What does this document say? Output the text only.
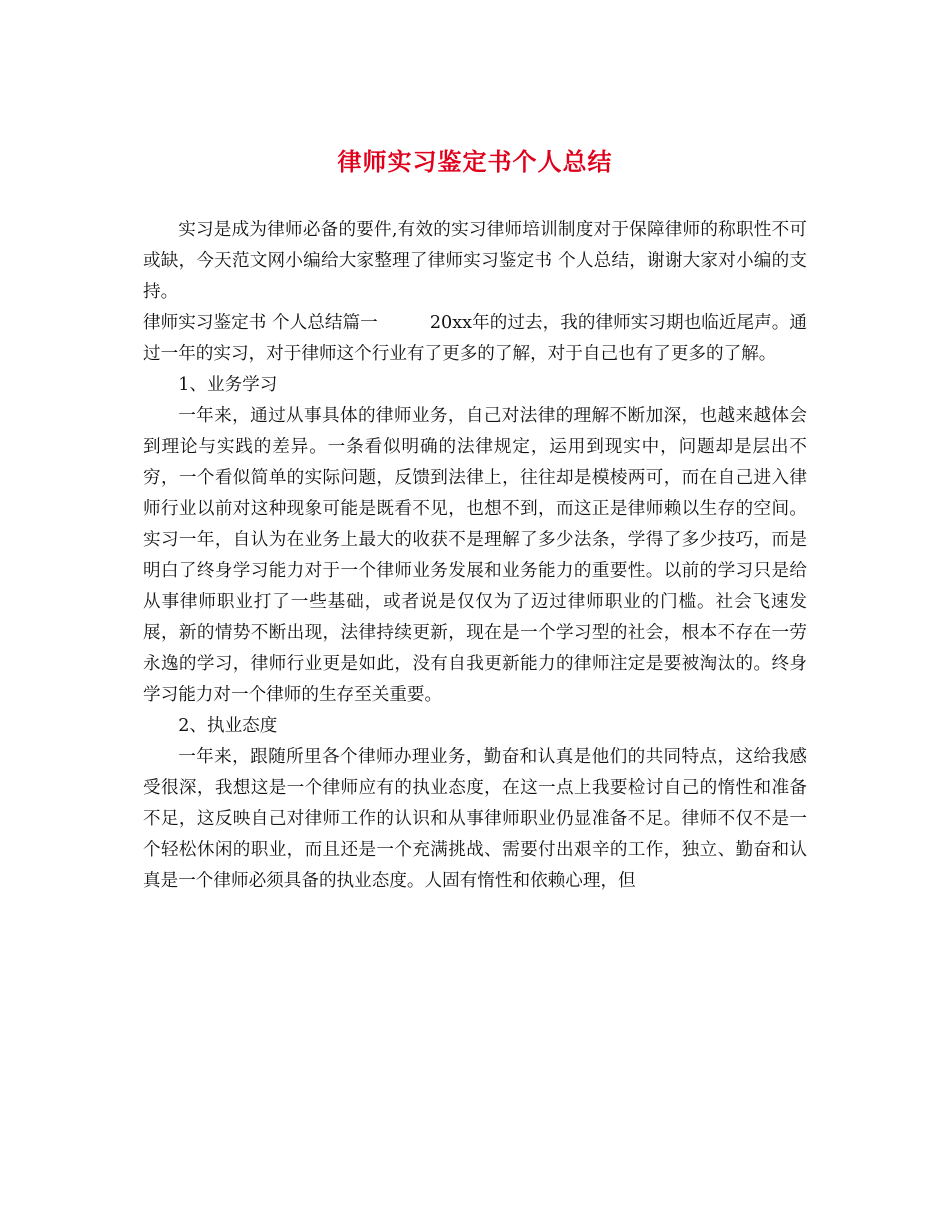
律师实习鉴定书个人总结

实习是成为律师必备的要件,有效的实习律师培训制度对于保障律师的称职性不可或缺，今天范文网小编给大家整理了律师实习鉴定书 个人总结，谢谢大家对小编的支持。

律师实习鉴定书 个人总结篇一	20xx年的过去，我的律师实习期也临近尾声。通过一年的实习，对于律师这个行业有了更多的了解，对于自己也有了更多的了解。

1、业务学习

一年来，通过从事具体的律师业务，自己对法律的理解不断加深，也越来越体会到理论与实践的差异。一条看似明确的法律规定，运用到现实中，问题却是层出不穷，一个看似简单的实际问题，反馈到法律上，往往却是模棱两可，而在自己进入律师行业以前对这种现象可能是既看不见，也想不到，而这正是律师赖以生存的空间。实习一年，自认为在业务上最大的收获不是理解了多少法条，学得了多少技巧，而是明白了终身学习能力对于一个律师业务发展和业务能力的重要性。以前的学习只是给从事律师职业打了一些基础，或者说是仅仅为了迈过律师职业的门槛。社会飞速发展，新的情势不断出现，法律持续更新，现在是一个学习型的社会，根本不存在一劳永逸的学习，律师行业更是如此，没有自我更新能力的律师注定是要被淘汰的。终身学习能力对一个律师的生存至关重要。

2、执业态度

一年来，跟随所里各个律师办理业务，勤奋和认真是他们的共同特点，这给我感受很深，我想这是一个律师应有的执业态度，在这一点上我要检讨自己的惰性和准备不足，这反映自己对律师工作的认识和从事律师职业仍显准备不足。律师不仅不是一个轻松休闲的职业，而且还是一个充满挑战、需要付出艰辛的工作，独立、勤奋和认真是一个律师必须具备的执业态度。人固有惰性和依赖心理，但
